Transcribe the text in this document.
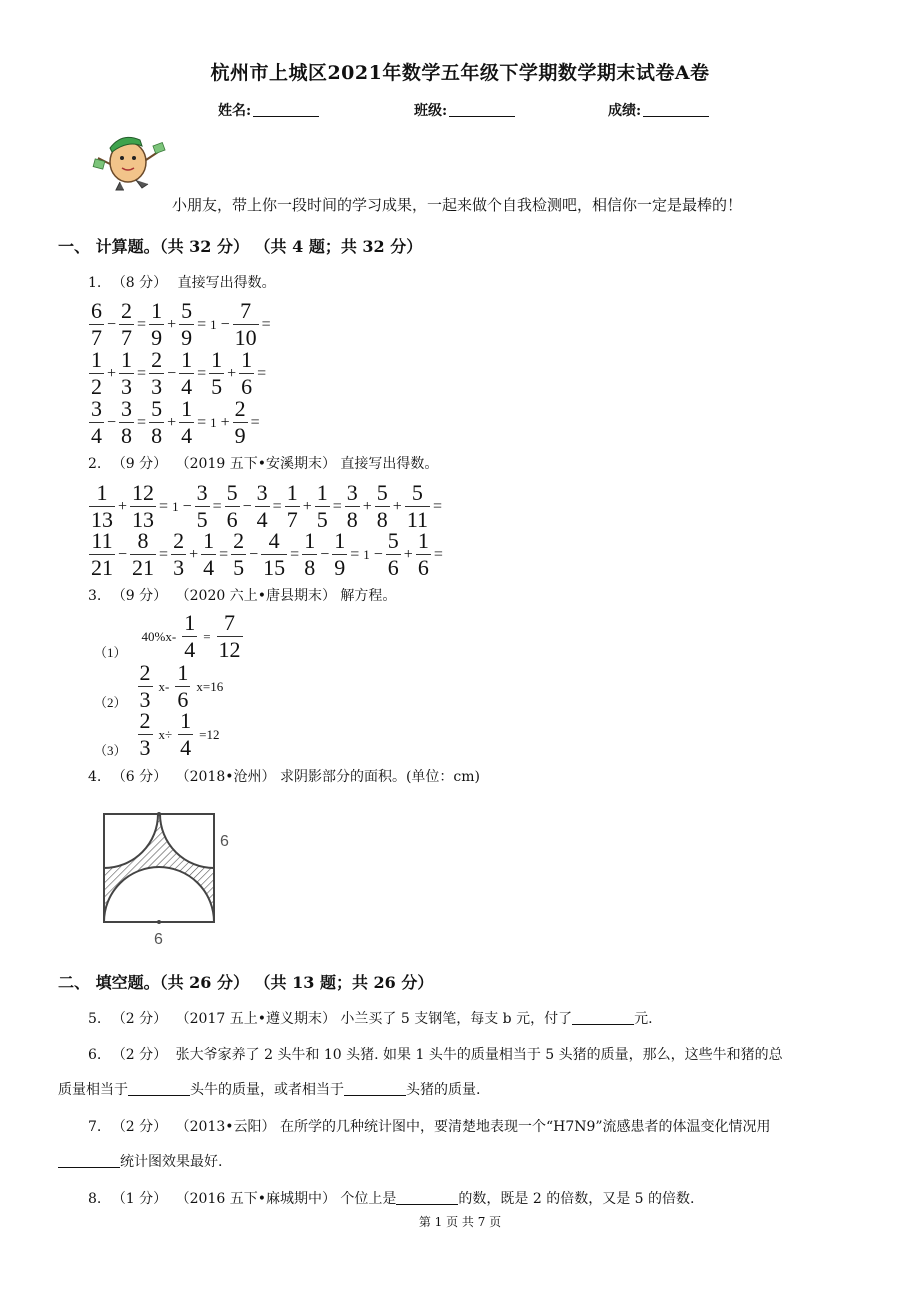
杭州市上城区2021年数学五年级下学期数学期末试卷A卷
姓名:	班级:	成绩:
小朋友，带上你一段时间的学习成果，一起来做个自我检测吧，相信你一定是最棒的！
一、 计算题。（共 32 分） （共 4 题；共 32 分）
1. （8 分） 直接写出得数。
$\frac{6}{7} - \frac{2}{7} = \frac{1}{9} + \frac{5}{9} = 1 - \frac{7}{10}$ =
$\frac{1}{2} + \frac{1}{3} = \frac{2}{3} - \frac{1}{4} = \frac{1}{5} + \frac{1}{6}$ =
$\frac{3}{4} - \frac{3}{8} = \frac{5}{8} + \frac{1}{4} = 1 + \frac{2}{9}$ =
2. （9 分） （2019 五下•安溪期末） 直接写出得数。
$\frac{1}{13} + \frac{12}{13} = 1 - \frac{3}{5} = \frac{5}{6} - \frac{3}{4} = \frac{1}{7} + \frac{1}{5} = \frac{3}{8} + \frac{5}{8} + \frac{5}{11}$ =
$\frac{11}{21} - \frac{8}{21} = \frac{2}{3} + \frac{1}{4} = \frac{2}{5} - \frac{4}{15} = \frac{1}{8} - \frac{1}{9} = 1 - \frac{5}{6} + \frac{1}{6}$ =
3. （9 分） （2020 六上•唐县期末） 解方程。
（1）
$40\%x- \frac{1}{4} = \frac{7}{12}$
$(2) \frac{2}{3} x- \frac{1}{6} x=16$
$(3) \frac{2}{3} x\div \frac{1}{4} =12$
4. （6 分） （2018•沧州） 求阴影部分的面积。(单位：cm)
6
6
二、 填空题。（共 26 分） （共 13 题；共 26 分）
5. （2 分） （2017 五上•遵义期末） 小兰买了 5 支钢笔，每支 b 元，付了	元.
6. （2 分） 张大爷家养了 2 头牛和 10 头猪. 如果 1 头牛的质量相当于 5 头猪的质量，那么，这些牛和猪的总
质量相当于	头牛的质量，或者相当于	头猪的质量.
7. （2 分） （2013•云阳） 在所学的几种统计图中，要清楚地表现一个“H7N9”流感患者的体温变化情况用
统计图效果最好.
8. （1 分） （2016 五下•麻城期中） 个位上是	的数，既是 2 的倍数，又是 5 的倍数.
第 1 页 共 7 页
